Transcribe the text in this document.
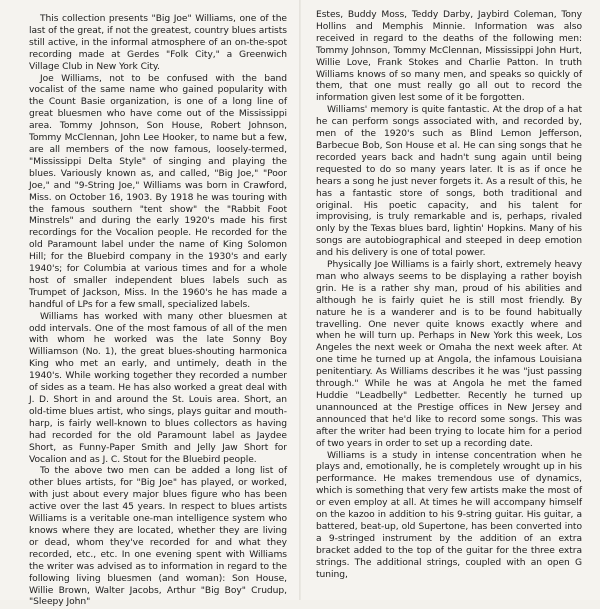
This collection presents "Big Joe" Williams, one of the last of the great, if not the greatest, country blues artists still active, in the informal atmosphere of an on-the-spot recording made at Gerdes "Folk City," a Greenwich Village Club in New York City.

Joe Williams, not to be confused with the band vocalist of the same name who gained popularity with the Count Basie organization, is one of a long line of great bluesmen who have come out of the Mississippi area. Tommy Johnson, Son House, Robert Johnson, Tommy McClennan, John Lee Hooker, to name but a few, are all members of the now famous, loosely-termed, "Mississippi Delta Style" of singing and playing the blues. Variously known as, and called, "Big Joe," "Poor Joe," and "9-String Joe," Williams was born in Crawford, Miss. on October 16, 1903. By 1918 he was touring with the famous southern "tent show" the "Rabbit Foot Minstrels" and during the early 1920's made his first recordings for the Vocalion people. He recorded for the old Paramount label under the name of King Solomon Hill; for the Bluebird company in the 1930's and early 1940's; for Columbia at various times and for a whole host of smaller independent blues labels such as Trumpet of Jackson, Miss. In the 1960's he has made a handful of LPs for a few small, specialized labels.

Williams has worked with many other bluesmen at odd intervals. One of the most famous of all of the men with whom he worked was the late Sonny Boy Williamson (No. 1), the great blues-shouting harmonica King who met an early, and untimely, death in the 1940's. While working together they recorded a number of sides as a team. He has also worked a great deal with J. D. Short in and around the St. Louis area. Short, an old-time blues artist, who sings, plays guitar and mouth-harp, is fairly well-known to blues collectors as having had recorded for the old Paramount label as Jaydee Short, as Funny-Paper Smith and Jelly Jaw Short for Vocalion and as J. C. Stout for the Bluebird people.

To the above two men can be added a long list of other blues artists, for "Big Joe" has played, or worked, with just about every major blues figure who has been active over the last 45 years. In respect to blues artists Williams is a veritable one-man intelligence system who knows where they are located, whether they are living or dead, whom they've recorded for and what they recorded, etc., etc. In one evening spent with Williams the writer was advised as to information in regard to the following living bluesmen (and woman): Son House, Willie Brown, Walter Jacobs, Arthur "Big Boy" Crudup, "Sleepy John"

Estes, Buddy Moss, Teddy Darby, Jaybird Coleman, Tony Hollins and Memphis Minnie. Information was also received in regard to the deaths of the following men: Tommy Johnson, Tommy McClennan, Mississippi John Hurt, Willie Love, Frank Stokes and Charlie Patton. In truth Williams knows of so many men, and speaks so quickly of them, that one must really go all out to record the information given lest some of it be forgotten.

Williams' memory is quite fantastic. At the drop of a hat he can perform songs associated with, and recorded by, men of the 1920's such as Blind Lemon Jefferson, Barbecue Bob, Son House et al. He can sing songs that he recorded years back and hadn't sung again until being requested to do so many years later. It is as if once he hears a song he just never forgets it. As a result of this, he has a fantastic store of songs, both traditional and original. His poetic capacity, and his talent for improvising, is truly remarkable and is, perhaps, rivaled only by the Texas blues bard, lightin' Hopkins. Many of his songs are autobiographical and steeped in deep emotion and his delivery is one of total power.

Physically Joe Williams is a fairly short, extremely heavy man who always seems to be displaying a rather boyish grin. He is a rather shy man, proud of his abilities and although he is fairly quiet he is still most friendly. By nature he is a wanderer and is to be found habitually travelling. One never quite knows exactly where and when he will turn up. Perhaps in New York this week, Los Angeles the next week or Omaha the next week after. At one time he turned up at Angola, the infamous Louisiana penitentiary. As Williams describes it he was "just passing through." While he was at Angola he met the famed Huddie "Leadbelly" Ledbetter. Recently he turned up unannounced at the Prestige offices in New Jersey and announced that he'd like to record some songs. This was after the writer had been trying to locate him for a period of two years in order to set up a recording date.

Williams is a study in intense concentration when he plays and, emotionally, he is completely wrought up in his performance. He makes tremendous use of dynamics, which is something that very few artists make the most of or even employ at all. At times he will accompany himself on the kazoo in addition to his 9-string guitar. His guitar, a battered, beat-up, old Supertone, has been converted into a 9-stringed instrument by the addition of an extra bracket added to the top of the guitar for the three extra strings. The additional strings, coupled with an open G tuning,
